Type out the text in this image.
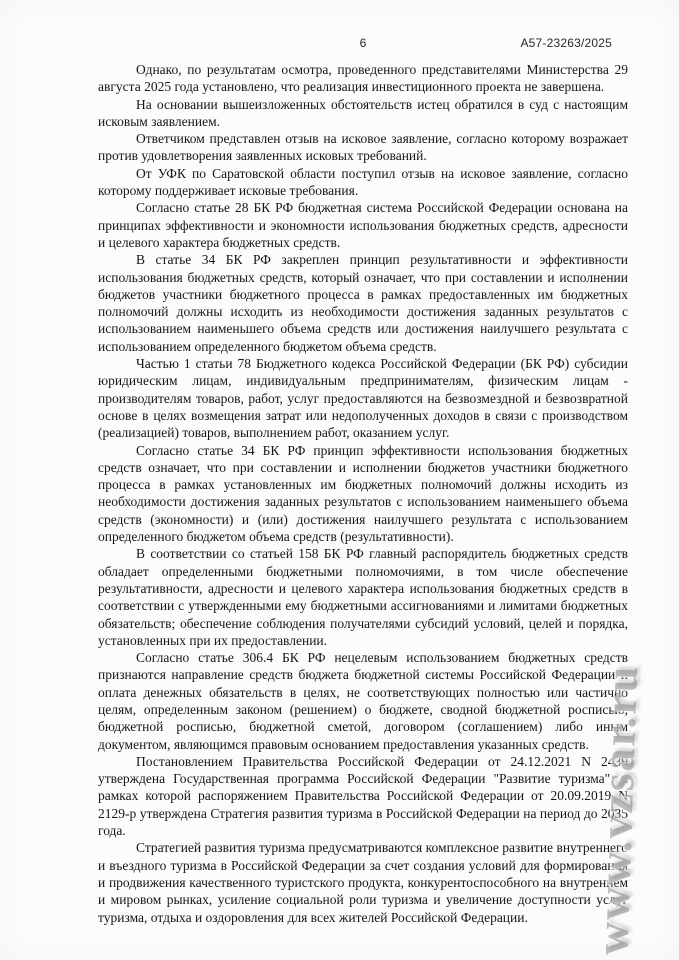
6	А57-23263/2025

Однако, по результатам осмотра, проведенного представителями Министерства 29 августа 2025 года установлено, что реализация инвестиционного проекта не завершена.

На основании вышеизложенных обстоятельств истец обратился в суд с настоящим исковым заявлением.

Ответчиком представлен отзыв на исковое заявление, согласно которому возражает против удовлетворения заявленных исковых требований.

От УФК по Саратовской области поступил отзыв на исковое заявление, согласно которому поддерживает исковые требования.

Согласно статье 28 БК РФ бюджетная система Российской Федерации основана на принципах эффективности и экономности использования бюджетных средств, адресности и целевого характера бюджетных средств.

В статье 34 БК РФ закреплен принцип результативности и эффективности использования бюджетных средств, который означает, что при составлении и исполнении бюджетов участники бюджетного процесса в рамках предоставленных им бюджетных полномочий должны исходить из необходимости достижения заданных результатов с использованием наименьшего объема средств или достижения наилучшего результата с использованием определенного бюджетом объема средств.

Частью 1 статьи 78 Бюджетного кодекса Российской Федерации (БК РФ) субсидии юридическим лицам, индивидуальным предпринимателям, физическим лицам - производителям товаров, работ, услуг предоставляются на безвозмездной и безвозвратной основе в целях возмещения затрат или недополученных доходов в связи с производством (реализацией) товаров, выполнением работ, оказанием услуг.

Согласно статье 34 БК РФ принцип эффективности использования бюджетных средств означает, что при составлении и исполнении бюджетов участники бюджетного процесса в рамках установленных им бюджетных полномочий должны исходить из необходимости достижения заданных результатов с использованием наименьшего объема средств (экономности) и (или) достижения наилучшего результата с использованием определенного бюджетом объема средств (результативности).

В соответствии со статьей 158 БК РФ главный распорядитель бюджетных средств обладает определенными бюджетными полномочиями, в том числе обеспечение результативности, адресности и целевого характера использования бюджетных средств в соответствии с утвержденными ему бюджетными ассигнованиями и лимитами бюджетных обязательств; обеспечение соблюдения получателями субсидий условий, целей и порядка, установленных при их предоставлении.

Согласно статье 306.4 БК РФ нецелевым использованием бюджетных средств признаются направление средств бюджета бюджетной системы Российской Федерации и оплата денежных обязательств в целях, не соответствующих полностью или частично целям, определенным законом (решением) о бюджете, сводной бюджетной росписью, бюджетной росписью, бюджетной сметой, договором (соглашением) либо иным документом, являющимся правовым основанием предоставления указанных средств.

Постановлением Правительства Российской Федерации от 24.12.2021 N 2439 утверждена Государственная программа Российской Федерации "Развитие туризма", в рамках которой распоряжением Правительства Российской Федерации от 20.09.2019 N 2129-р утверждена Стратегия развития туризма в Российской Федерации на период до 2035 года.

Стратегией развития туризма предусматриваются комплексное развитие внутреннего и въездного туризма в Российской Федерации за счет создания условий для формирования и продвижения качественного туристского продукта, конкурентоспособного на внутреннем и мировом рынках, усиление социальной роли туризма и увеличение доступности услуг туризма, отдыха и оздоровления для всех жителей Российской Федерации.	www.vzsar.ru
